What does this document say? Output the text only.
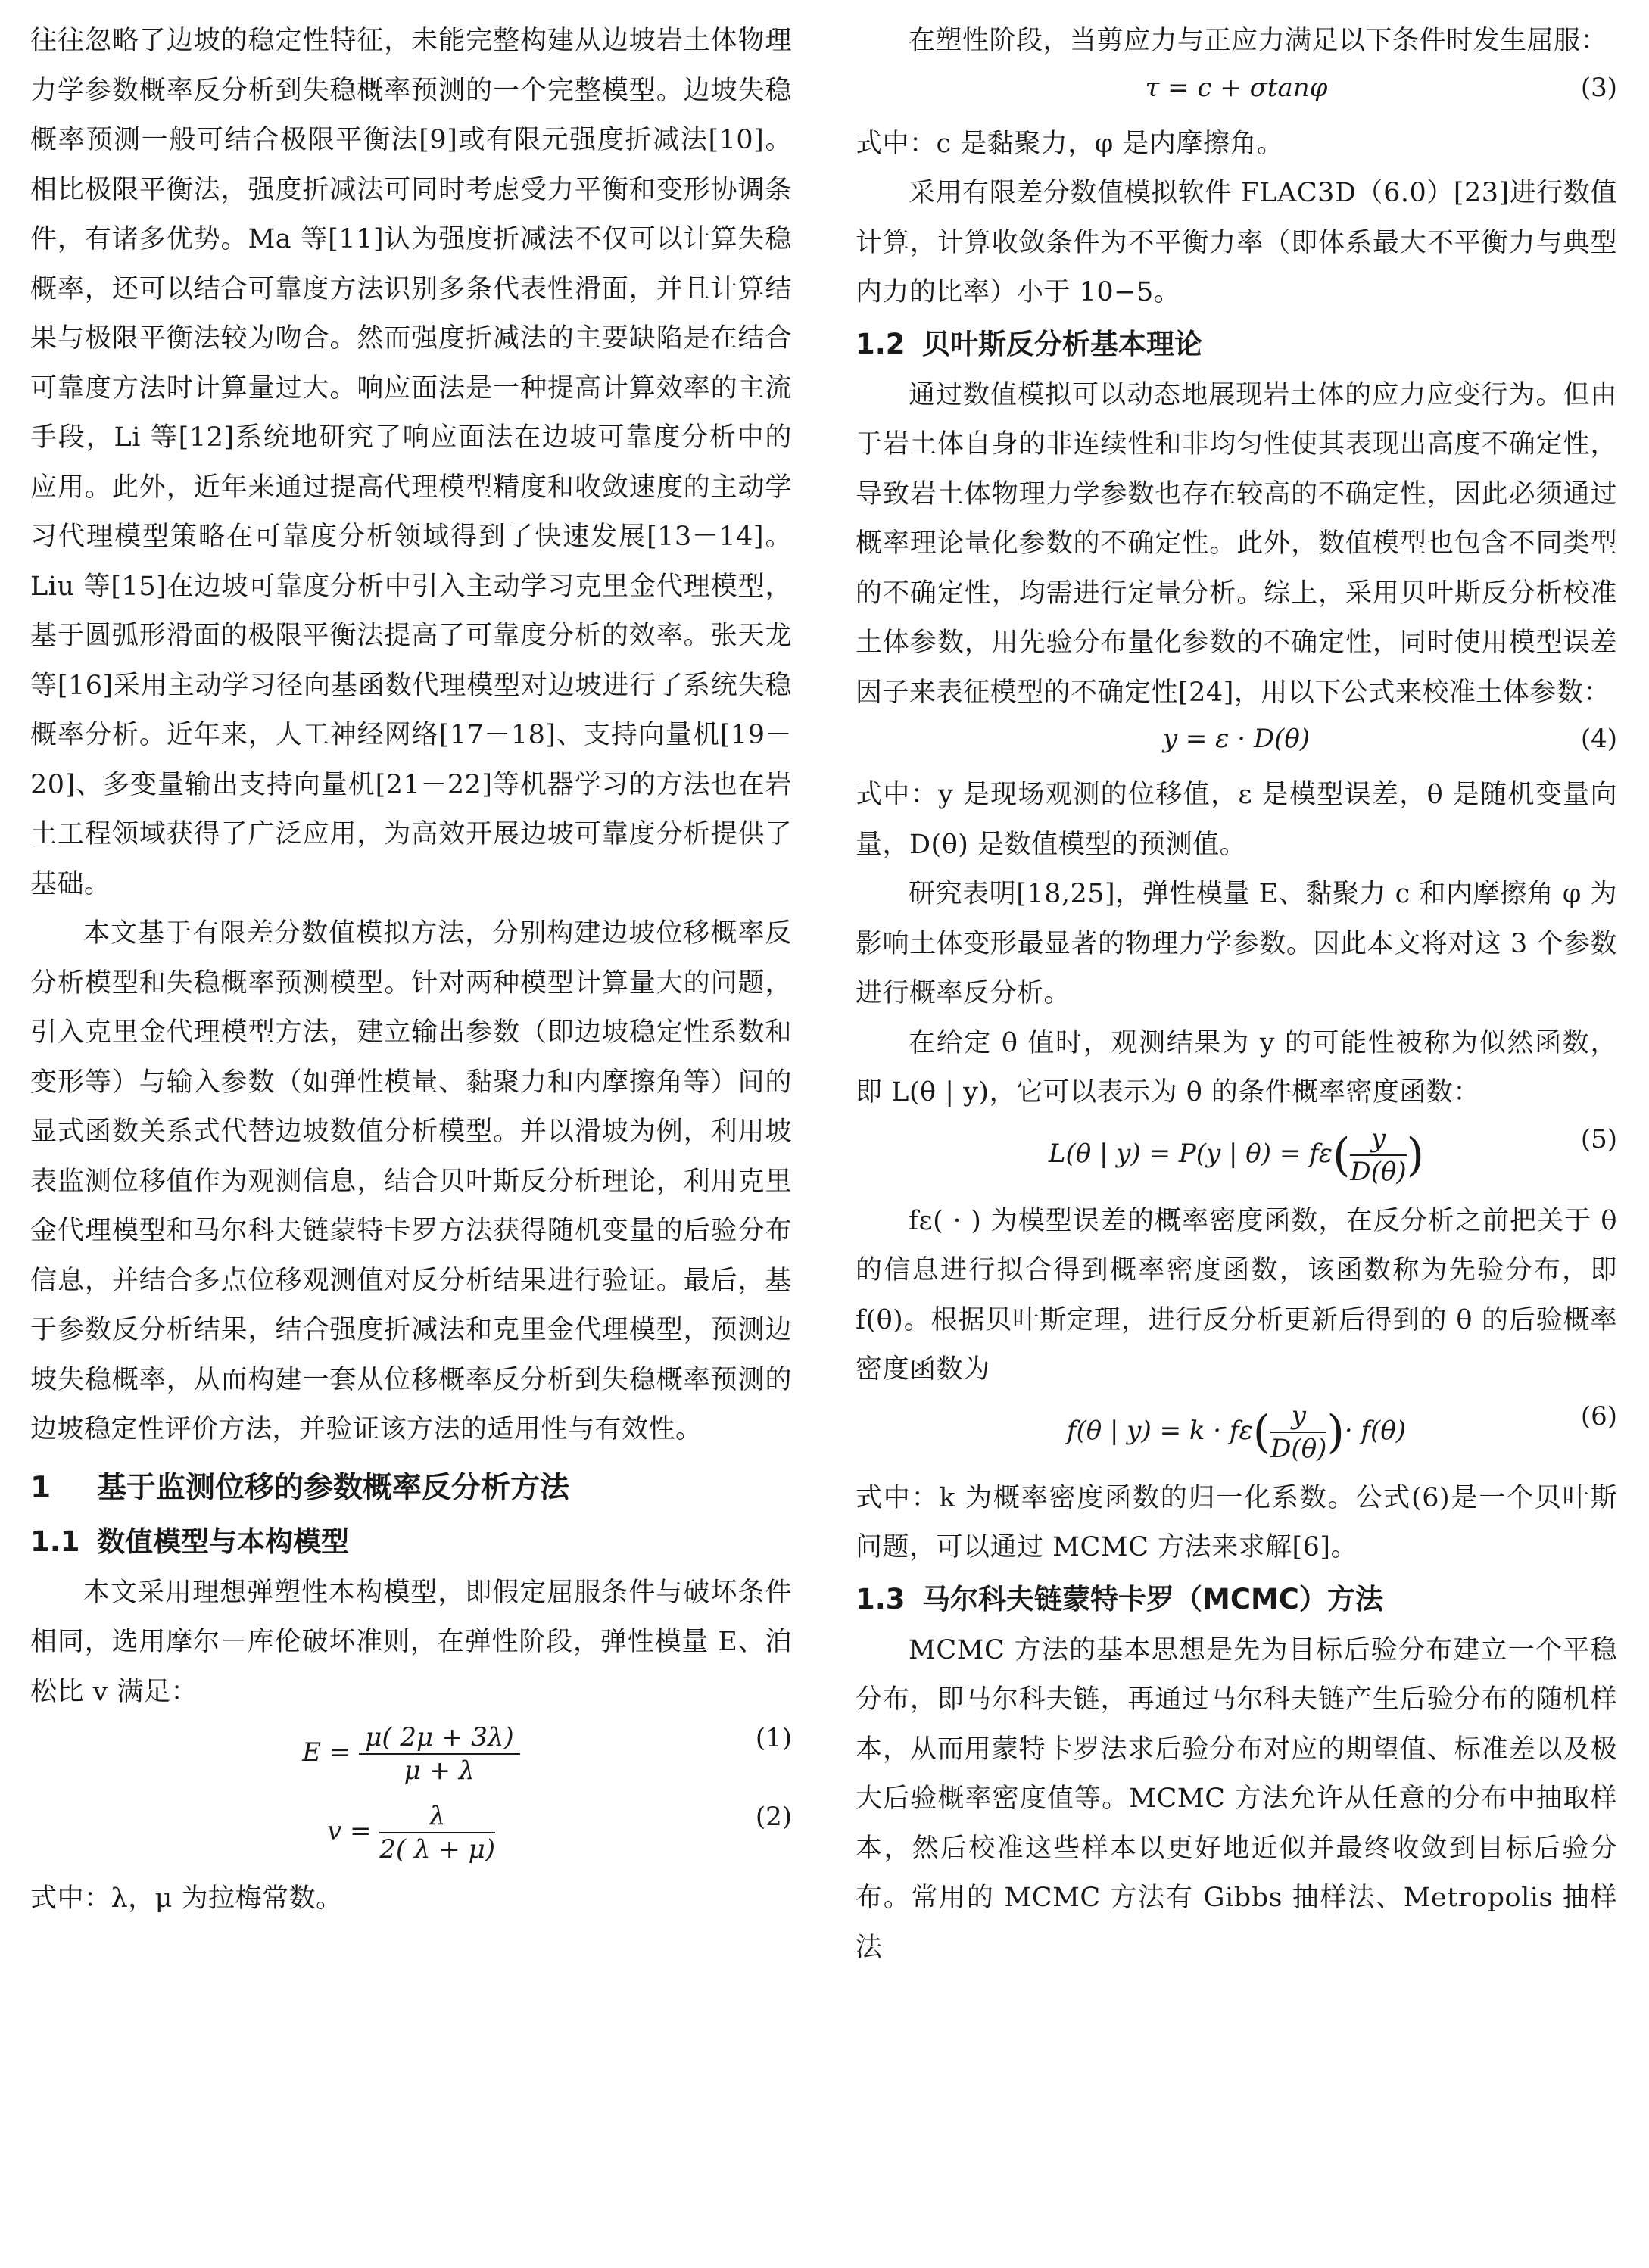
往往忽略了边坡的稳定性特征，未能完整构建从边坡岩土体物理力学参数概率反分析到失稳概率预测的一个完整模型。边坡失稳概率预测一般可结合极限平衡法[9]或有限元强度折减法[10]。相比极限平衡法，强度折减法可同时考虑受力平衡和变形协调条件，有诸多优势。Ma 等[11]认为强度折减法不仅可以计算失稳概率，还可以结合可靠度方法识别多条代表性滑面，并且计算结果与极限平衡法较为吻合。然而强度折减法的主要缺陷是在结合可靠度方法时计算量过大。响应面法是一种提高计算效率的主流手段，Li 等[12]系统地研究了响应面法在边坡可靠度分析中的应用。此外，近年来通过提高代理模型精度和收敛速度的主动学习代理模型策略在可靠度分析领域得到了快速发展[13－14]。Liu 等[15]在边坡可靠度分析中引入主动学习克里金代理模型，基于圆弧形滑面的极限平衡法提高了可靠度分析的效率。张天龙等[16]采用主动学习径向基函数代理模型对边坡进行了系统失稳概率分析。近年来，人工神经网络[17－18]、支持向量机[19－20]、多变量输出支持向量机[21－22]等机器学习的方法也在岩土工程领域获得了广泛应用，为高效开展边坡可靠度分析提供了基础。

本文基于有限差分数值模拟方法，分别构建边坡位移概率反分析模型和失稳概率预测模型。针对两种模型计算量大的问题，引入克里金代理模型方法，建立输出参数（即边坡稳定性系数和变形等）与输入参数（如弹性模量、黏聚力和内摩擦角等）间的显式函数关系式代替边坡数值分析模型。并以滑坡为例，利用坡表监测位移值作为观测信息，结合贝叶斯反分析理论，利用克里金代理模型和马尔科夫链蒙特卡罗方法获得随机变量的后验分布信息，并结合多点位移观测值对反分析结果进行验证。最后，基于参数反分析结果，结合强度折减法和克里金代理模型，预测边坡失稳概率，从而构建一套从位移概率反分析到失稳概率预测的边坡稳定性评价方法，并验证该方法的适用性与有效性。

1 基于监测位移的参数概率反分析方法
1.1 数值模型与本构模型

本文采用理想弹塑性本构模型，即假定屈服条件与破坏条件相同，选用摩尔－库伦破坏准则，在弹性阶段，弹性模量 E、泊松比 v 满足：

$E = \frac{\mu( 2\mu + 3\lambda)}{\mu + \lambda}$	(1)
$v = \frac{\lambda}{2( \lambda + \mu)}$	(2)

式中：λ，μ 为拉梅常数。

在塑性阶段，当剪应力与正应力满足以下条件时发生屈服：

τ = c + σtanφ	(3)

式中：c 是黏聚力，φ 是内摩擦角。

采用有限差分数值模拟软件 FLAC3D（6.0）[23]进行数值计算，计算收敛条件为不平衡力率（即体系最大不平衡力与典型内力的比率）小于 10−5。

1.2 贝叶斯反分析基本理论

通过数值模拟可以动态地展现岩土体的应力应变行为。但由于岩土体自身的非连续性和非均匀性使其表现出高度不确定性，导致岩土体物理力学参数也存在较高的不确定性，因此必须通过概率理论量化参数的不确定性。此外，数值模型也包含不同类型的不确定性，均需进行定量分析。综上，采用贝叶斯反分析校准土体参数，用先验分布量化参数的不确定性，同时使用模型误差因子来表征模型的不确定性[24]，用以下公式来校准土体参数：

y = ε · D(θ)	(4)

式中：y 是现场观测的位移值，ε 是模型误差，θ 是随机变量向量，D(θ) 是数值模型的预测值。

研究表明[18,25]，弹性模量 E、黏聚力 c 和内摩擦角 φ 为影响土体变形最显著的物理力学参数。因此本文将对这 3 个参数进行概率反分析。

在给定 θ 值时，观测结果为 y 的可能性被称为似然函数，即 L(θ | y)，它可以表示为 θ 的条件概率密度函数：

L(θ | y) = P(y | $\theta) = f\varepsilon( \frac{y}{D(\theta)}$ )	(5)

fε( · ) 为模型误差的概率密度函数，在反分析之前把关于 θ 的信息进行拟合得到概率密度函数，该函数称为先验分布，即 f(θ)。根据贝叶斯定理，进行反分析更新后得到的 θ 的后验概率密度函数为

f(θ | $y) = k \cdot f\varepsilon( \frac{y}{D(\theta)}$ )· f(θ)	(6)

式中：k 为概率密度函数的归一化系数。公式(6)是一个贝叶斯问题，可以通过 MCMC 方法来求解[6]。

1.3 马尔科夫链蒙特卡罗（MCMC）方法

MCMC 方法的基本思想是先为目标后验分布建立一个平稳分布，即马尔科夫链，再通过马尔科夫链产生后验分布的随机样本，从而用蒙特卡罗法求后验分布对应的期望值、标准差以及极大后验概率密度值等。MCMC 方法允许从任意的分布中抽取样本，然后校准这些样本以更好地近似并最终收敛到目标后验分布。常用的 MCMC 方法有 Gibbs 抽样法、Metropolis 抽样法
